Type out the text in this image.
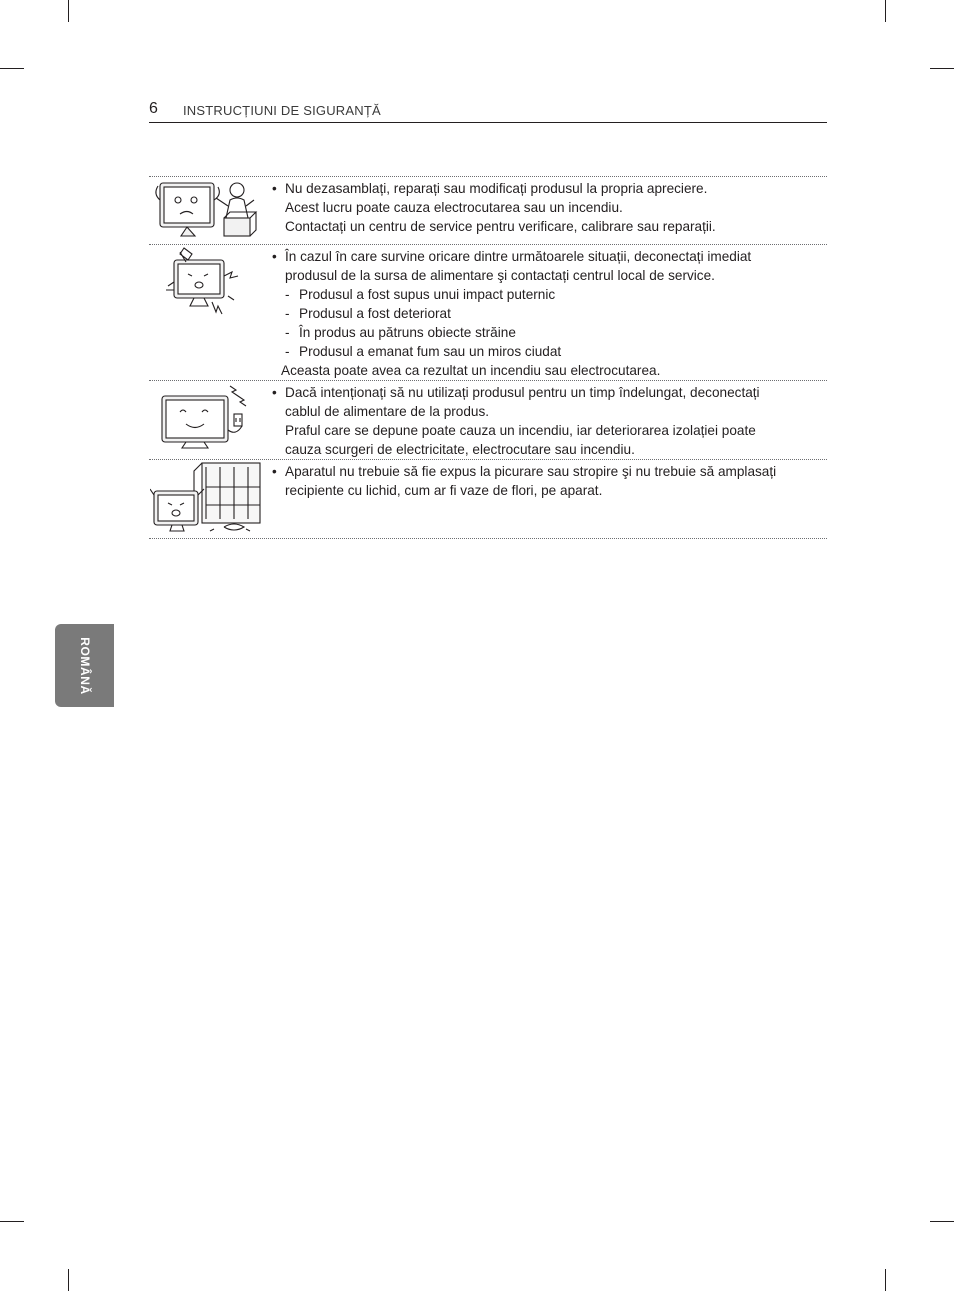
6 INSTRUCȚIUNI DE SIGURANȚĂ

• Nu dezasamblați, reparați sau modificați produsul la propria apreciere.

Acest lucru poate cauza electrocutarea sau un incendiu.

Contactați un centru de service pentru verificare, calibrare sau reparații.

• În cazul în care survine oricare dintre următoarele situații, deconectați imediat

produsul de la sursa de alimentare şi contactați centrul local de service.

- Produsul a fost supus unui impact puternic
- Produsul a fost deteriorat
- În produs au pătruns obiecte străine
- Produsul a emanat fum sau un miros ciudat
Aceasta poate avea ca rezultat un incendiu sau electrocutarea.

• Dacă intenționați să nu utilizați produsul pentru un timp îndelungat, deconectați

cablul de alimentare de la produs.

Praful care se depune poate cauza un incendiu, iar deteriorarea izolației poate

cauza scurgeri de electricitate, electrocutare sau incendiu.

• Aparatul nu trebuie să fie expus la picurare sau stropire şi nu trebuie să amplasați

recipiente cu lichid, cum ar fi vaze de flori, pe aparat.

ROMÂNĂ
